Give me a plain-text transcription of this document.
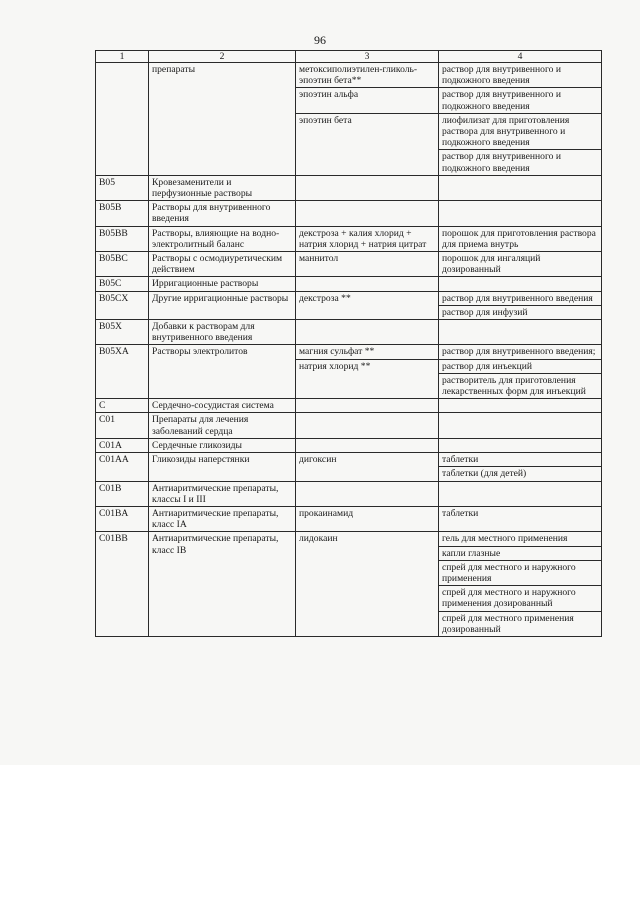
96
1	2	3	4
	препараты	метоксиполиэтилен-гликоль-эпоэтин бета**	раствор для внутривенного и подкожного введения
		эпоэтин альфа	раствор для внутривенного и подкожного введения
		эпоэтин бета	лиофилизат для приготовления раствора для внутривенного и подкожного введения
			раствор для внутривенного и подкожного введения
B05	Кровезаменители и перфузионные растворы		
B05B	Растворы для внутривенного введения		
B05BB	Растворы, влияющие на водно-электролитный баланс	декстроза + калия хлорид + натрия хлорид + натрия цитрат	порошок для приготовления раствора для приема внутрь
B05BC	Растворы с осмодиуретическим действием	маннитол	порошок для ингаляций дозированный
B05C	Ирригационные растворы		
B05CX	Другие ирригационные растворы	декстроза **	раствор для внутривенного введения
			раствор для инфузий
B05X	Добавки к растворам для внутривенного введения		
B05XA	Растворы электролитов	магния сульфат **	раствор для внутривенного введения;
		натрия хлорид **	раствор для инъекций
			растворитель для приготовления лекарственных форм для инъекций
C	Сердечно-сосудистая система		
C01	Препараты для лечения заболеваний сердца		
C01A	Сердечные гликозиды		
C01AA	Гликозиды наперстянки	дигоксин	таблетки
			таблетки (для детей)
C01B	Антиаритмические препараты, классы I и III		
C01BA	Антиаритмические препараты, класс IA	прокаинамид	таблетки
C01BB	Антиаритмические препараты, класс IB	лидокаин	гель для местного применения
			капли глазные
			спрей для местного и наружного применения
			спрей для местного и наружного применения дозированный
			спрей для местного применения дозированный
